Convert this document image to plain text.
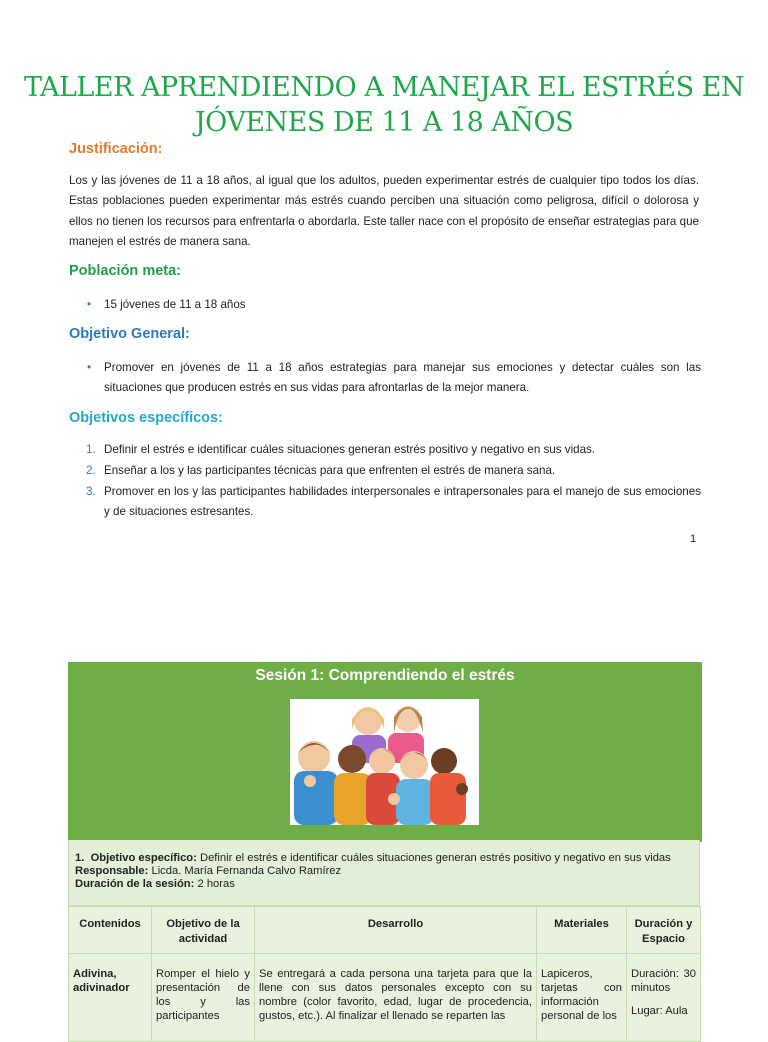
TALLER APRENDIENDO A MANEJAR EL ESTRÉS EN
JÓVENES DE 11 A 18 AÑOS
Justificación:
Los y las jóvenes de 11 a 18 años, al igual que los adultos, pueden experimentar estrés de cualquier tipo todos los días. Estas poblaciones pueden experimentar más estrés cuando perciben una situación como peligrosa, difícil o dolorosa y ellos no tienen los recursos para enfrentarla o abordarla. Este taller nace con el propósito de enseñar estrategias para que manejen el estrés de manera sana.
Población meta:
• 15 jóvenes de 11 a 18 años
Objetivo General:
• Promover en jóvenes de 11 a 18 años estrategias para manejar sus emociones y detectar cuáles son las situaciones que producen estrés en sus vidas para afrontarlas de la mejor manera.
Objetivos específicos:
1. Definir el estrés e identificar cuáles situaciones generan estrés positivo y negativo en sus vidas.
2. Enseñar a los y las participantes técnicas para que enfrenten el estrés de manera sana.
3. Promover en los y las participantes habilidades interpersonales e intrapersonales para el manejo de sus emociones y de situaciones estresantes.
1
Sesión 1: Comprendiendo el estrés
1. Objetivo específico: Definir el estrés e identificar cuáles situaciones generan estrés positivo y negativo en sus vidas
Responsable: Licda. María Fernanda Calvo Ramírez
Duración de la sesión: 2 horas
Contenidos	Objetivo de la actividad	Desarrollo	Materiales	Duración y Espacio
Adivina, adivinador	Romper el hielo y presentación de los y las participantes	Se entregará a cada persona una tarjeta para que la llene con sus datos personales excepto con su nombre (color favorito, edad, lugar de procedencia, gustos, etc.). Al finalizar el llenado se reparten las	Lapiceros, tarjetas con información personal de los	Duración: 30 minutos
Lugar: Aula
